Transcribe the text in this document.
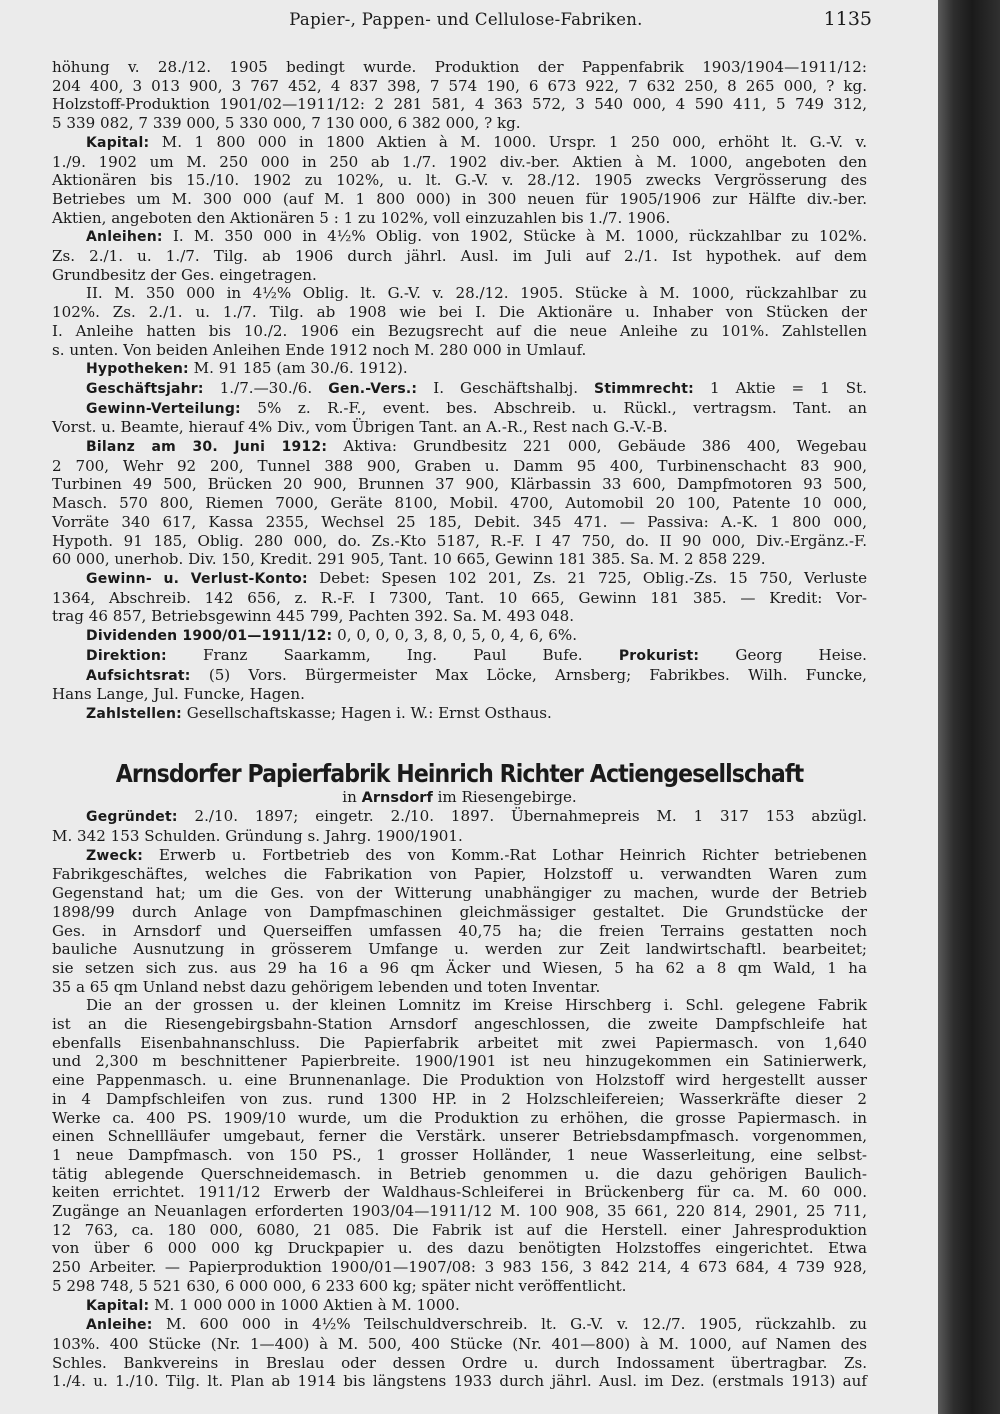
Papier-, Pappen- und Cellulose-Fabriken.	1135

höhung v. 28./12. 1905 bedingt wurde. Produktion der Pappenfabrik 1903/1904—1911/12:

204 400, 3 013 900, 3 767 452, 4 837 398, 7 574 190, 6 673 922, 7 632 250, 8 265 000, ? kg.

Holzstoff-Produktion 1901/02—1911/12: 2 281 581, 4 363 572, 3 540 000, 4 590 411, 5 749 312,

5 339 082, 7 339 000, 5 330 000, 7 130 000, 6 382 000, ? kg.

Kapital: M. 1 800 000 in 1800 Aktien à M. 1000. Urspr. 1 250 000, erhöht lt. G.-V. v.

1./9. 1902 um M. 250 000 in 250 ab 1./7. 1902 div.-ber. Aktien à M. 1000, angeboten den

Aktionären bis 15./10. 1902 zu 102%, u. lt. G.-V. v. 28./12. 1905 zwecks Vergrösserung des

Betriebes um M. 300 000 (auf M. 1 800 000) in 300 neuen für 1905/1906 zur Hälfte div.-ber.

Aktien, angeboten den Aktionären 5 : 1 zu 102%, voll einzuzahlen bis 1./7. 1906.

Anleihen: I. M. 350 000 in 4½% Oblig. von 1902, Stücke à M. 1000, rückzahlbar zu 102%.

Zs. 2./1. u. 1./7. Tilg. ab 1906 durch jährl. Ausl. im Juli auf 2./1. Ist hypothek. auf dem

Grundbesitz der Ges. eingetragen.

II. M. 350 000 in 4½% Oblig. lt. G.-V. v. 28./12. 1905. Stücke à M. 1000, rückzahlbar zu

102%. Zs. 2./1. u. 1./7. Tilg. ab 1908 wie bei I. Die Aktionäre u. Inhaber von Stücken der

I. Anleihe hatten bis 10./2. 1906 ein Bezugsrecht auf die neue Anleihe zu 101%. Zahlstellen

s. unten. Von beiden Anleihen Ende 1912 noch M. 280 000 in Umlauf.

Hypotheken: M. 91 185 (am 30./6. 1912).

Geschäftsjahr: 1./7.—30./6. Gen.-Vers.: I. Geschäftshalbj. Stimmrecht: 1 Aktie = 1 St.

Gewinn-Verteilung: 5% z. R.-F., event. bes. Abschreib. u. Rückl., vertragsm. Tant. an

Vorst. u. Beamte, hierauf 4% Div., vom Übrigen Tant. an A.-R., Rest nach G.-V.-B.

Bilanz am 30. Juni 1912: Aktiva: Grundbesitz 221 000, Gebäude 386 400, Wegebau

2 700, Wehr 92 200, Tunnel 388 900, Graben u. Damm 95 400, Turbinenschacht 83 900,

Turbinen 49 500, Brücken 20 900, Brunnen 37 900, Klärbassin 33 600, Dampfmotoren 93 500,

Masch. 570 800, Riemen 7000, Geräte 8100, Mobil. 4700, Automobil 20 100, Patente 10 000,

Vorräte 340 617, Kassa 2355, Wechsel 25 185, Debit. 345 471. — Passiva: A.-K. 1 800 000,

Hypoth. 91 185, Oblig. 280 000, do. Zs.-Kto 5187, R.-F. I 47 750, do. II 90 000, Div.-Ergänz.-F.

60 000, unerhob. Div. 150, Kredit. 291 905, Tant. 10 665, Gewinn 181 385. Sa. M. 2 858 229.

Gewinn- u. Verlust-Konto: Debet: Spesen 102 201, Zs. 21 725, Oblig.-Zs. 15 750, Verluste

1364, Abschreib. 142 656, z. R.-F. I 7300, Tant. 10 665, Gewinn 181 385. — Kredit: Vor-

trag 46 857, Betriebsgewinn 445 799, Pachten 392. Sa. M. 493 048.

Dividenden 1900/01—1911/12: 0, 0, 0, 0, 3, 8, 0, 5, 0, 4, 6, 6%.

Direktion: Franz Saarkamm, Ing. Paul Bufe.	Prokurist: Georg Heise.

Aufsichtsrat: (5) Vors. Bürgermeister Max Löcke, Arnsberg; Fabrikbes. Wilh. Funcke,

Hans Lange, Jul. Funcke, Hagen.

Zahlstellen: Gesellschaftskasse; Hagen i. W.: Ernst Osthaus.

Arnsdorfer Papierfabrik Heinrich Richter Actiengesellschaft

in Arnsdorf im Riesengebirge.

Gegründet: 2./10. 1897; eingetr. 2./10. 1897. Übernahmepreis M. 1 317 153 abzügl.

M. 342 153 Schulden. Gründung s. Jahrg. 1900/1901.

Zweck: Erwerb u. Fortbetrieb des von Komm.-Rat Lothar Heinrich Richter betriebenen

Fabrikgeschäftes, welches die Fabrikation von Papier, Holzstoff u. verwandten Waren zum

Gegenstand hat; um die Ges. von der Witterung unabhängiger zu machen, wurde der Betrieb

1898/99 durch Anlage von Dampfmaschinen gleichmässiger gestaltet. Die Grundstücke der

Ges. in Arnsdorf und Querseiffen umfassen 40,75 ha; die freien Terrains gestatten noch

bauliche Ausnutzung in grösserem Umfange u. werden zur Zeit landwirtschaftl. bearbeitet;

sie setzen sich zus. aus 29 ha 16 a 96 qm Äcker und Wiesen, 5 ha 62 a 8 qm Wald, 1 ha

35 a 65 qm Unland nebst dazu gehörigem lebenden und toten Inventar.

Die an der grossen u. der kleinen Lomnitz im Kreise Hirschberg i. Schl. gelegene Fabrik

ist an die Riesengebirgsbahn-Station Arnsdorf angeschlossen, die zweite Dampfschleife hat

ebenfalls Eisenbahnanschluss. Die Papierfabrik arbeitet mit zwei Papiermasch. von 1,640

und 2,300 m beschnittener Papierbreite. 1900/1901 ist neu hinzugekommen ein Satinierwerk,

eine Pappenmasch. u. eine Brunnenanlage. Die Produktion von Holzstoff wird hergestellt ausser

in 4 Dampfschleifen von zus. rund 1300 HP. in 2 Holzschleifereien; Wasserkräfte dieser 2

Werke ca. 400 PS. 1909/10 wurde, um die Produktion zu erhöhen, die grosse Papiermasch. in

einen Schnellläufer umgebaut, ferner die Verstärk. unserer Betriebsdampfmasch. vorgenommen,

1 neue Dampfmasch. von 150 PS., 1 grosser Holländer, 1 neue Wasserleitung, eine selbst-

tätig ablegende Querschneidemasch. in Betrieb genommen u. die dazu gehörigen Baulich-

keiten errichtet. 1911/12 Erwerb der Waldhaus-Schleiferei in Brückenberg für ca. M. 60 000.

Zugänge an Neuanlagen erforderten 1903/04—1911/12 M. 100 908, 35 661, 220 814, 2901, 25 711,

12 763, ca. 180 000, 6080, 21 085. Die Fabrik ist auf die Herstell. einer Jahresproduktion

von über 6 000 000 kg Druckpapier u. des dazu benötigten Holzstoffes eingerichtet. Etwa

250 Arbeiter. — Papierproduktion 1900/01—1907/08: 3 983 156, 3 842 214, 4 673 684, 4 739 928,

5 298 748, 5 521 630, 6 000 000, 6 233 600 kg; später nicht veröffentlicht.

Kapital: M. 1 000 000 in 1000 Aktien à M. 1000.

Anleihe: M. 600 000 in 4½% Teilschuldverschreib. lt. G.-V. v. 12./7. 1905, rückzahlb. zu

103%. 400 Stücke (Nr. 1—400) à M. 500, 400 Stücke (Nr. 401—800) à M. 1000, auf Namen des

Schles. Bankvereins in Breslau oder dessen Ordre u. durch Indossament übertragbar. Zs.

1./4. u. 1./10. Tilg. lt. Plan ab 1914 bis längstens 1933 durch jährl. Ausl. im Dez. (erstmals 1913) auf
